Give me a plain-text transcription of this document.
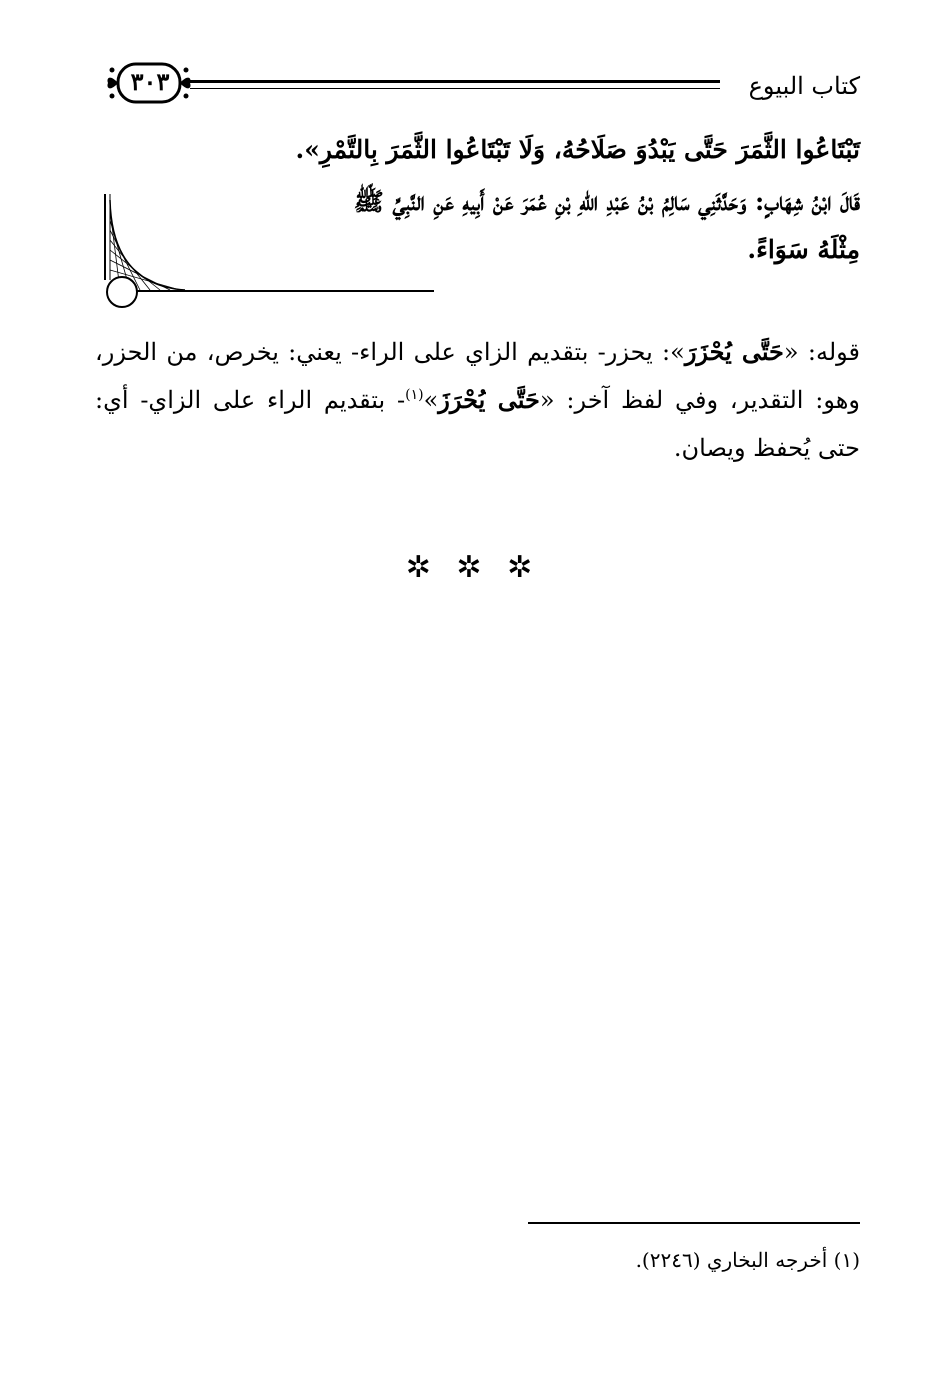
كتاب البيوع
٣٠٣
تَبْتَاعُوا الثَّمَرَ حَتَّى يَبْدُوَ صَلَاحُهُ، وَلَا تَبْتَاعُوا الثَّمَرَ بِالتَّمْرِ».
قَالَ ابْنُ شِهَابٍ: وَحَدَّثَنِي سَالِمُ بْنُ عَبْدِ اللهِ بْنِ عُمَرَ عَنْ أَبِيهِ عَنِ النَّبِيِّ ﷺ
مِثْلَهُ سَوَاءً.
قوله: «حَتَّى يُحْزَرَ»: يحزر- بتقديم الزاي على الراء- يعني: يخرص، من الحزر، وهو: التقدير، وفي لفظ آخر: «حَتَّى يُحْرَزَ»$^{(١)}$- بتقديم الراء على الزاي- أي: حتى يُحفظ ويصان.
✲ ✲ ✲
(١) أخرجه البخاري (٢٢٤٦).
